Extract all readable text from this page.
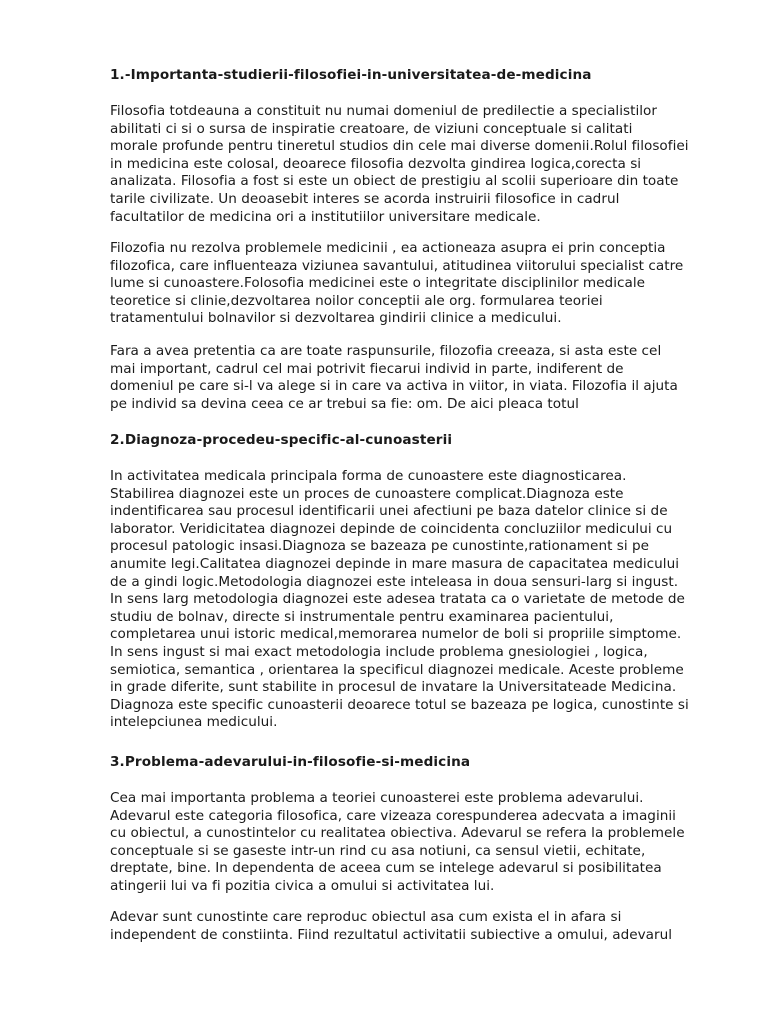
1.-Importanta-studierii-filosofiei-in-universitatea-de-medicina

Filosofia totdeauna a constituit nu numai domeniul de predilectie a specialistilor
abilitati ci si o sursa de inspiratie creatoare, de viziuni conceptuale si calitati
morale profunde pentru tineretul studios din cele mai diverse domenii.Rolul filosofiei
in medicina este colosal, deoarece filosofia dezvolta gindirea logica,corecta si
analizata. Filosofia a fost si este un obiect de prestigiu al scolii superioare din toate
tarile civilizate. Un deoasebit interes se acorda instruirii filosofice in cadrul
facultatilor de medicina ori a institutiilor universitare medicale.

Filozofia nu rezolva problemele medicinii , ea actioneaza asupra ei prin conceptia
filozofica, care influenteaza viziunea savantului, atitudinea viitorului specialist catre
lume si cunoastere.Folosofia medicinei este o integritate disciplinilor medicale
teoretice si clinie,dezvoltarea noilor conceptii ale org. formularea teoriei
tratamentului bolnavilor si dezvoltarea gindirii clinice a medicului.

Fara a avea pretentia ca are toate raspunsurile, filozofia creeaza, si asta este cel
mai important, cadrul cel mai potrivit fiecarui individ in parte, indiferent de
domeniul pe care si-l va alege si in care va activa in viitor, in viata. Filozofia il ajuta
pe individ sa devina ceea ce ar trebui sa fie: om. De aici pleaca totul

2.Diagnoza-procedeu-specific-al-cunoasterii

In activitatea medicala principala forma de cunoastere este diagnosticarea.
Stabilirea diagnozei este un proces de cunoastere complicat.Diagnoza este
indentificarea sau procesul identificarii unei afectiuni pe baza datelor clinice si de
laborator. Veridicitatea diagnozei depinde de coincidenta concluziilor medicului cu
procesul patologic insasi.Diagnoza se bazeaza pe cunostinte,rationament si pe
anumite legi.Calitatea diagnozei depinde in mare masura de capacitatea medicului
de a gindi logic.Metodologia diagnozei este inteleasa in doua sensuri-larg si ingust.
In sens larg metodologia diagnozei este adesea tratata ca o varietate de metode de
studiu de bolnav, directe si instrumentale pentru examinarea pacientului,
completarea unui istoric medical,memorarea numelor de boli si propriile simptome.
In sens ingust si mai exact metodologia include problema gnesiologiei , logica,
semiotica, semantica , orientarea la specificul diagnozei medicale. Aceste probleme
in grade diferite, sunt stabilite in procesul de invatare la Universitateade Medicina.
Diagnoza este specific cunoasterii deoarece totul se bazeaza pe logica, cunostinte si
intelepciunea medicului.

3.Problema-adevarului-in-filosofie-si-medicina

Cea mai importanta problema a teoriei cunoasterei este problema adevarului.
Adevarul este categoria filosofica, care vizeaza corespunderea adecvata a imaginii
cu obiectul, a cunostintelor cu realitatea obiectiva. Adevarul se refera la problemele
conceptuale si se gaseste intr-un rind cu asa notiuni, ca sensul vietii, echitate,
dreptate, bine. In dependenta de aceea cum se intelege adevarul si posibilitatea
atingerii lui va fi pozitia civica a omului si activitatea lui.

Adevar sunt cunostinte care reproduc obiectul asa cum exista el in afara si
independent de constiinta. Fiind rezultatul activitatii subiective a omului, adevarul
